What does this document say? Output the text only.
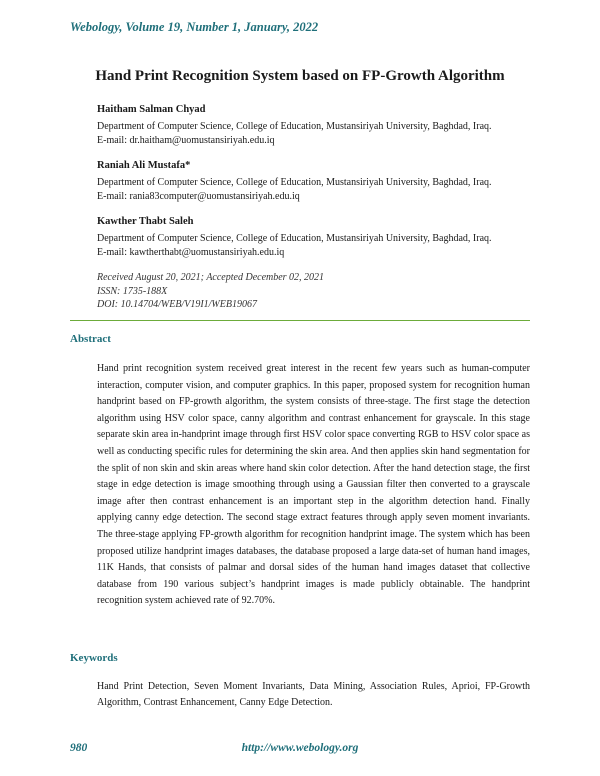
Webology, Volume 19, Number 1, January, 2022
Hand Print Recognition System based on FP-Growth Algorithm
Haitham Salman Chyad
Department of Computer Science, College of Education, Mustansiriyah University, Baghdad, Iraq.
E-mail: dr.haitham@uomustansiriyah.edu.iq
Raniah Ali Mustafa*
Department of Computer Science, College of Education, Mustansiriyah University, Baghdad, Iraq.
E-mail: rania83computer@uomustansiriyah.edu.iq
Kawther Thabt Saleh
Department of Computer Science, College of Education, Mustansiriyah University, Baghdad, Iraq.
E-mail: kawtherthabt@uomustansiriyah.edu.iq
Received August 20, 2021; Accepted December 02, 2021
ISSN: 1735-188X
DOI: 10.14704/WEB/V19I1/WEB19067
Abstract
Hand print recognition system received great interest in the recent few years such as human-computer interaction, computer vision, and computer graphics. In this paper, proposed system for recognition human handprint based on FP-growth algorithm, the system consists of three-stage. The first stage the detection algorithm using HSV color space, canny algorithm and contrast enhancement for grayscale. In this stage separate skin area in-handprint image through first HSV color space converting RGB to HSV color space as well as conducting specific rules for determining the skin area. And then applies skin hand segmentation for the split of non skin and skin areas where hand skin color detection. After the hand detection stage, the first stage in edge detection is image smoothing through using a Gaussian filter then converted to a grayscale image after then contrast enhancement is an important step in the algorithm detection hand. Finally applying canny edge detection. The second stage extract features through apply seven moment invariants. The three-stage applying FP-growth algorithm for recognition handprint image. The system which has been proposed utilize handprint images databases, the database proposed a large data-set of human hand images, 11K Hands, that consists of palmar and dorsal sides of the human hand images dataset that collective database from 190 various subject’s handprint images is made publicly obtainable. The handprint recognition system achieved rate of 92.70%.
Keywords
Hand Print Detection, Seven Moment Invariants, Data Mining, Association Rules, Aprioi, FP-Growth Algorithm, Contrast Enhancement, Canny Edge Detection.
980	http://www.webology.org
